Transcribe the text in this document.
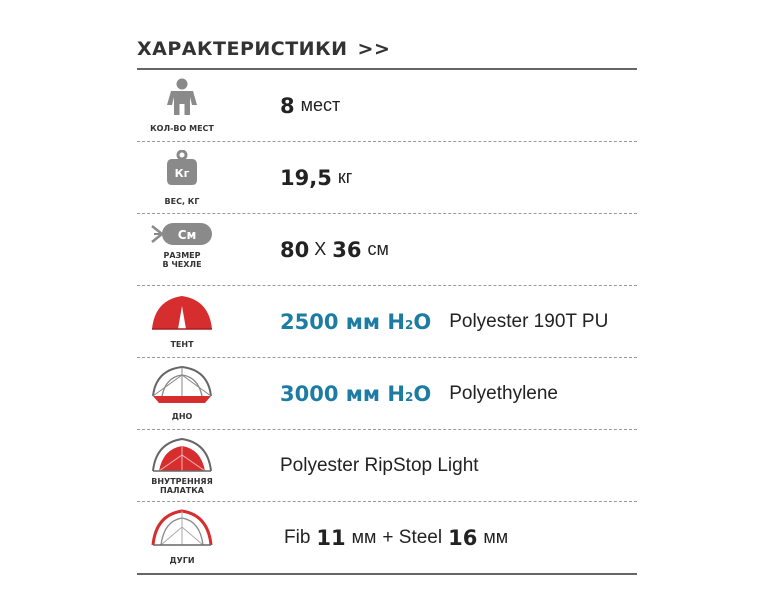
ХАРАКТЕРИСТИКИ >>
КОЛ-ВО МЕСТ
8 мест
Кг
ВЕС, КГ
19,5 кг
См
РАЗМЕР
В ЧЕХЛЕ
80 X 36 см
ТЕНТ
2500 мм H2O Polyester 190T PU
ДНО
3000 мм H2O Polyethylene
ВНУТРЕННЯЯ
ПАЛАТКА
Polyester RipStop Light
ДУГИ
Fib 11 мм + Steel 16 мм
